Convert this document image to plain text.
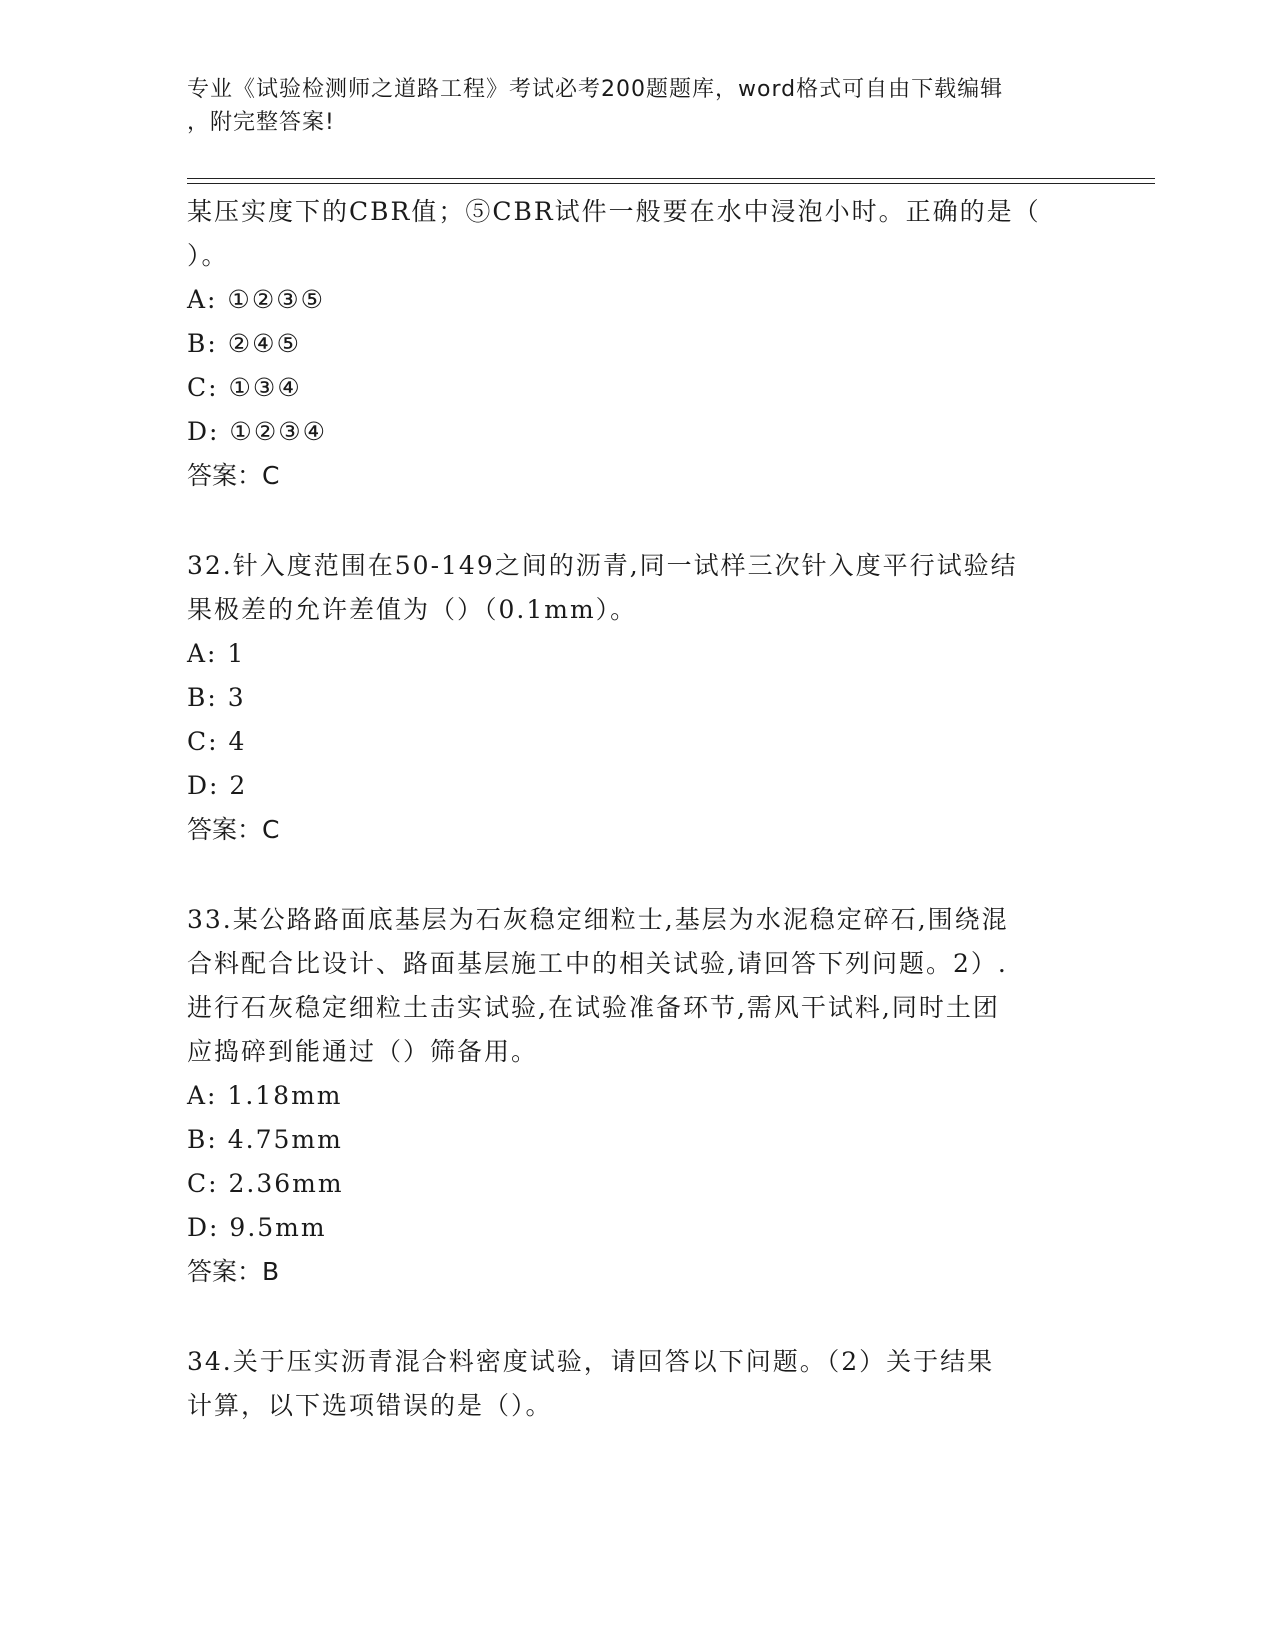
专业《试验检测师之道路工程》考试必考200题题库，word格式可自由下载编辑
，附完整答案!
某压实度下的CBR值；⑤CBR试件一般要在水中浸泡小时。正确的是（
）。
A: ①②③⑤
B: ②④⑤
C: ①③④
D: ①②③④
答案：C
32.针入度范围在50-149之间的沥青,同一试样三次针入度平行试验结
果极差的允许差值为（）（0.1mm）。
A: 1
B: 3
C: 4
D: 2
答案：C
33.某公路路面底基层为石灰稳定细粒士,基层为水泥稳定碎石,围绕混
合料配合比设计、路面基层施工中的相关试验,请回答下列问题。2）.
进行石灰稳定细粒土击实试验,在试验准备环节,需风干试料,同时土团
应捣碎到能通过（）筛备用。
A: 1.18mm
B: 4.75mm
C: 2.36mm
D: 9.5mm
答案：B
34.关于压实沥青混合料密度试验，请回答以下问题。（2）关于结果
计算，以下选项错误的是（）。
